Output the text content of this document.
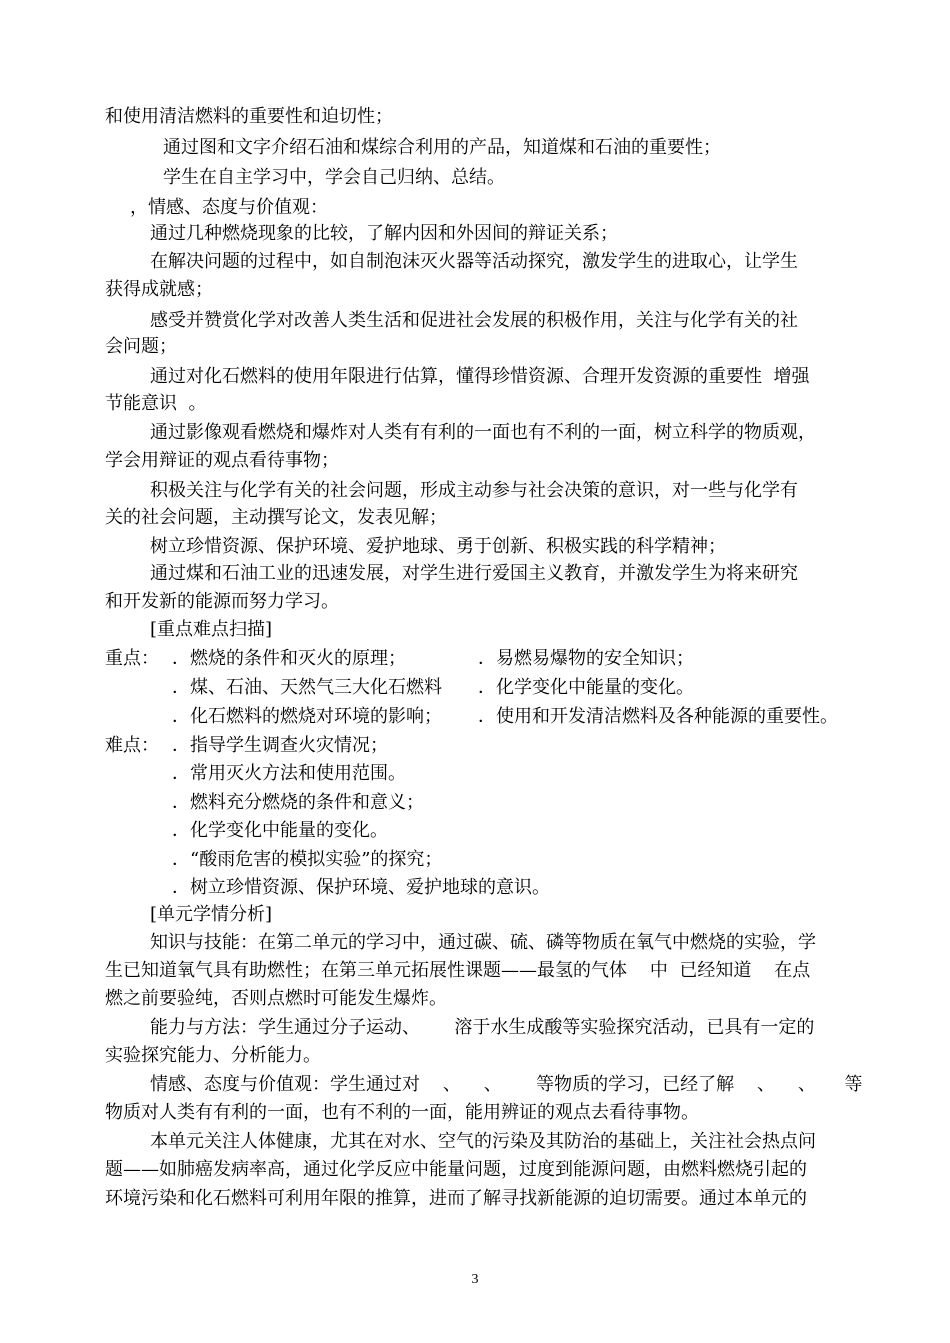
和使用清洁燃料的重要性和迫切性；
通过图和文字介绍石油和煤综合利用的产品，知道煤和石油的重要性；
学生在自主学习中，学会自己归纳、总结。
，情感、态度与价值观：
通过几种燃烧现象的比较，了解内因和外因间的辩证关系；
在解决问题的过程中，如自制泡沫灭火器等活动探究，激发学生的进取心，让学生
获得成就感；
感受并赞赏化学对改善人类生活和促进社会发展的积极作用，关注与化学有关的社
会问题；
通过对化石燃料的使用年限进行估算，懂得珍惜资源、合理开发资源的重要性  增强
节能意识  。
通过影像观看燃烧和爆炸对人类有有利的一面也有不利的一面，树立科学的物质观，
学会用辩证的观点看待事物；
积极关注与化学有关的社会问题，形成主动参与社会决策的意识，对一些与化学有
关的社会问题，主动撰写论文，发表见解；
树立珍惜资源、保护环境、爱护地球、勇于创新、积极实践的科学精神；
通过煤和石油工业的迅速发展，对学生进行爱国主义教育，并激发学生为将来研究
和开发新的能源而努力学习。
[重点难点扫描]
重点： ．燃烧的条件和灭火的原理；
．煤、石油、天然气三大化石燃料
．化石燃料的燃烧对环境的影响；
．易燃易爆物的安全知识；
．化学变化中能量的变化。
．使用和开发清洁燃料及各种能源的重要性。
难点： ．指导学生调查火灾情况；
．常用灭火方法和使用范围。
．燃料充分燃烧的条件和意义；
．化学变化中能量的变化。
．“酸雨危害的模拟实验”的探究；
．树立珍惜资源、保护环境、爱护地球的意识。
[单元学情分析]
知识与技能：在第二单元的学习中，通过碳、硫、磷等物质在氧气中燃烧的实验，学
生已知道氧气具有助燃性；在第三单元拓展性课题——最氢的气体    中  已经知道    在点
燃之前要验纯，否则点燃时可能发生爆炸。
能力与方法：学生通过分子运动、      溶于水生成酸等实验探究活动，已具有一定的
实验探究能力、分析能力。
情感、态度与价值观：学生通过对    、    、      等物质的学习，已经了解    、    、     等
物质对人类有有利的一面，也有不利的一面，能用辨证的观点去看待事物。
本单元关注人体健康，尤其在对水、空气的污染及其防治的基础上，关注社会热点问
题——如肺癌发病率高，通过化学反应中能量问题，过度到能源问题，由燃料燃烧引起的
环境污染和化石燃料可利用年限的推算，进而了解寻找新能源的迫切需要。通过本单元的
3
